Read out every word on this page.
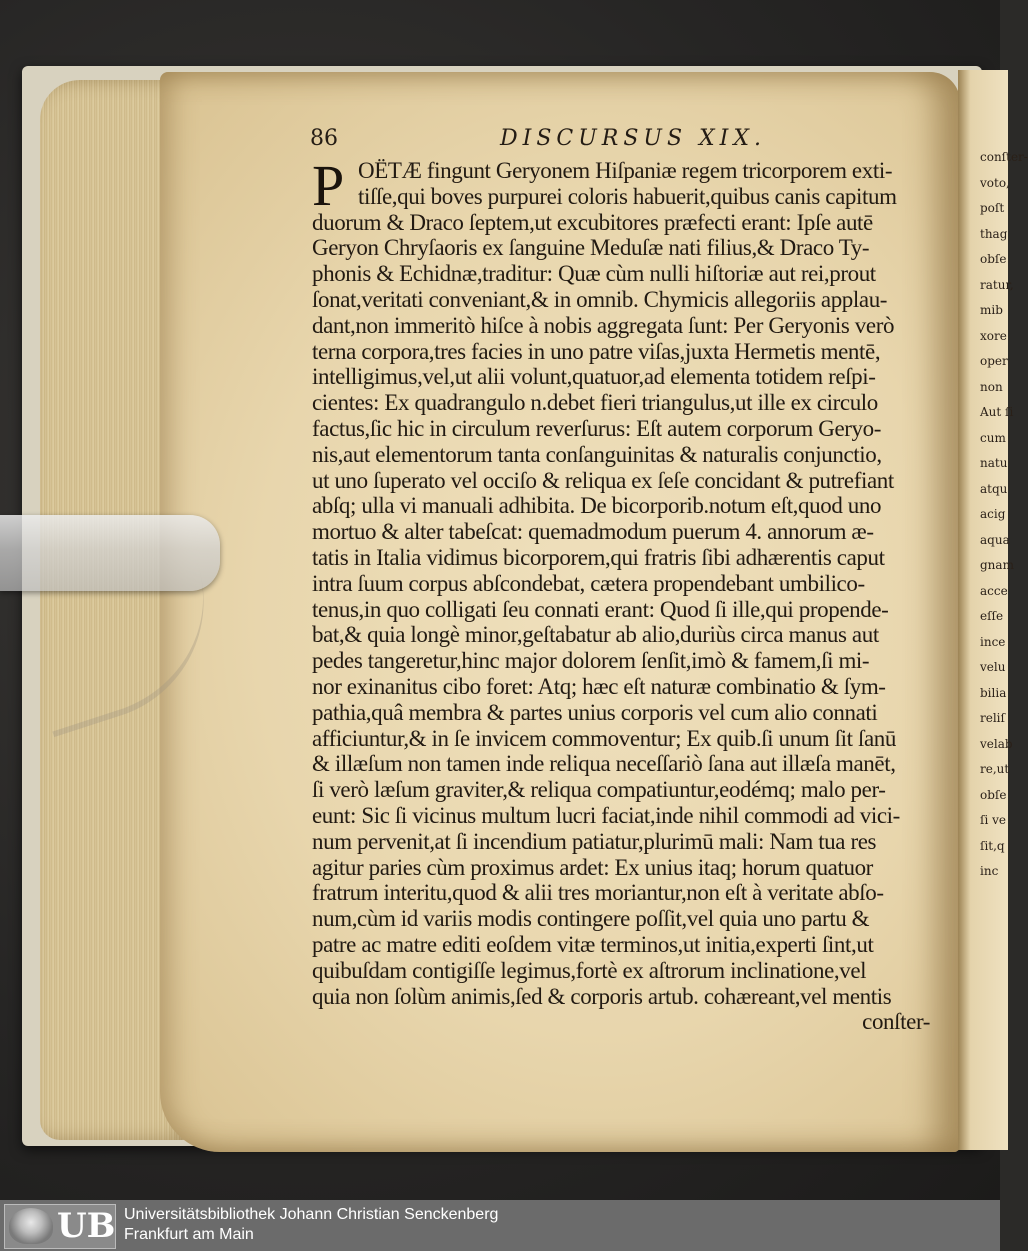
conſter-
voto,
poſt
thag
obſe
ratur,
mib
xore
oper
non
Aut ſi
cum
natu
atqu
acig
aqua
gnam
acce
eſſe
ince
velu
bilia
reliſ
velab
re,ut
obſe
ſi ve
ſit,q
inc
86	DISCURSUS XIX.
P OËTÆ fingunt Geryonem Hiſpaniæ regem tricorporem exti-
tiſſe,qui boves purpurei coloris habuerit,quibus canis capitum
duorum & Draco ſeptem,ut excubitores præfecti erant: Ipſe autē
Geryon Chryſaoris ex ſanguine Meduſæ nati filius,& Draco Ty-
phonis & Echidnæ,traditur: Quæ cùm nulli hiſtoriæ aut rei,prout
ſonat,veritati conveniant,& in omnib. Chymicis allegoriis applau-
dant,non immeritò hiſce à nobis aggregata ſunt: Per Geryonis verò
terna corpora,tres facies in uno patre viſas,juxta Hermetis mentē,
intelligimus,vel,ut alii volunt,quatuor,ad elementa totidem reſpi-
cientes: Ex quadrangulo n.debet fieri triangulus,ut ille ex circulo
factus,ſic hic in circulum reverſurus: Eſt autem corporum Geryo-
nis,aut elementorum tanta conſanguinitas & naturalis conjunctio,
ut uno ſuperato vel occiſo & reliqua ex ſeſe concidant & putrefiant
abſq; ulla vi manuali adhibita. De bicorporib.notum eſt,quod uno
mortuo & alter tabeſcat: quemadmodum puerum 4. annorum æ-
tatis in Italia vidimus bicorporem,qui fratris ſibi adhærentis caput
intra ſuum corpus abſcondebat, cætera propendebant umbilico-
tenus,in quo colligati ſeu connati erant: Quod ſi ille,qui propende-
bat,& quia longè minor,geſtabatur ab alio,duriùs circa manus aut
pedes tangeretur,hinc major dolorem ſenſit,imò & famem,ſi mi-
nor exinanitus cibo foret: Atq; hæc eſt naturæ combinatio & ſym-
pathia,quâ membra & partes unius corporis vel cum alio connati
afficiuntur,& in ſe invicem commoventur; Ex quib.ſi unum ſit ſanū
& illæſum non tamen inde reliqua neceſſariò ſana aut illæſa manēt,
ſi verò læſum graviter,& reliqua compatiuntur,eodémq; malo per-
eunt: Sic ſi vicinus multum lucri faciat,inde nihil commodi ad vici-
num pervenit,at ſi incendium patiatur,plurimū mali: Nam tua res
agitur paries cùm proximus ardet: Ex unius itaq; horum quatuor
fratrum interitu,quod & alii tres moriantur,non eſt à veritate abſo-
num,cùm id variis modis contingere poſſit,vel quia uno partu &
patre ac matre editi eoſdem vitæ terminos,ut initia,experti ſint,ut
quibuſdam contigiſſe legimus,fortè ex aſtrorum inclinatione,vel
quia non ſolùm animis,ſed & corporis artub. cohæreant,vel mentis
conſter-
UB Universitätsbibliothek Johann Christian Senckenberg
Frankfurt am Main
